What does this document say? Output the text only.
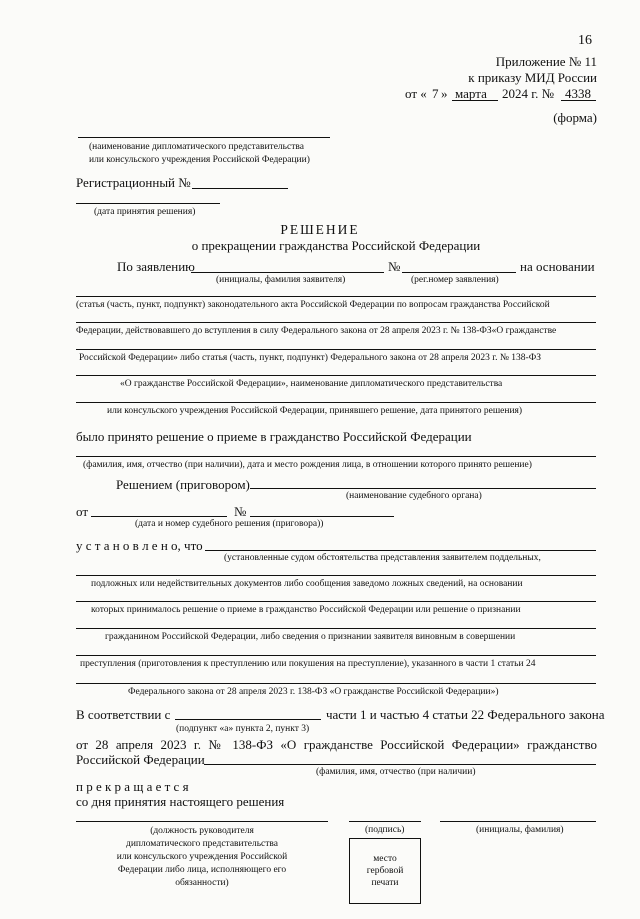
16
Приложение № 11
к приказу МИД России
от « 7 » марта 2024 г. № 4338
(форма)
(наименование дипломатического представительства
или консульского учреждения Российской Федерации)
Регистрационный №
(дата принятия решения)
РЕШЕНИЕ
о прекращении гражданства Российской Федерации
По заявлению	№	на основании
(инициалы, фамилия заявителя)	(рег.номер заявления)
(статья (часть, пункт, подпункт) законодательного акта Российской Федерации по вопросам гражданства Российской
Федерации, действовавшего до вступления в силу Федерального закона от 28 апреля 2023 г. № 138-ФЗ«О гражданстве
Российской Федерации» либо статья (часть, пункт, подпункт) Федерального закона от 28 апреля 2023 г. № 138-ФЗ
«О гражданстве Российской Федерации», наименование дипломатического представительства
или консульского учреждения Российской Федерации, принявшего решение, дата принятого решения)
было принято решение о приеме в гражданство Российской Федерации
(фамилия, имя, отчество (при наличии), дата и место рождения лица, в отношении которого принято решение)
Решением (приговором)
(наименование судебного органа)
от	№
(дата и номер судебного решения (приговора))
у с т а н о в л е н о, что
(установленные судом обстоятельства представления заявителем поддельных,
подложных или недействительных документов либо сообщения заведомо ложных сведений, на основании
которых принималось решение о приеме в гражданство Российской Федерации или решение о признании
гражданином Российской Федерации, либо сведения о признании заявителя виновным в совершении
преступления (приготовления к преступлению или покушения на преступление), указанного в части 1 статьи 24
Федерального закона от 28 апреля 2023 г. 138-ФЗ «О гражданстве Российской Федерации»)
В соответствии с	части 1 и частью 4 статьи 22 Федерального закона
(подпункт «а» пункта 2, пункт 3)
от 28 апреля 2023 г. № 138-ФЗ «О гражданстве Российской Федерации» гражданство
Российской Федерации
(фамилия, имя, отчество (при наличии)
п р е к р а щ а е т с я
со дня принятия настоящего решения
(должность руководителя
дипломатического представительства
или консульского учреждения Российской
Федерации либо лица, исполняющего его
обязанности)
(подпись)	(инициалы, фамилия)
место
гербовой
печати
